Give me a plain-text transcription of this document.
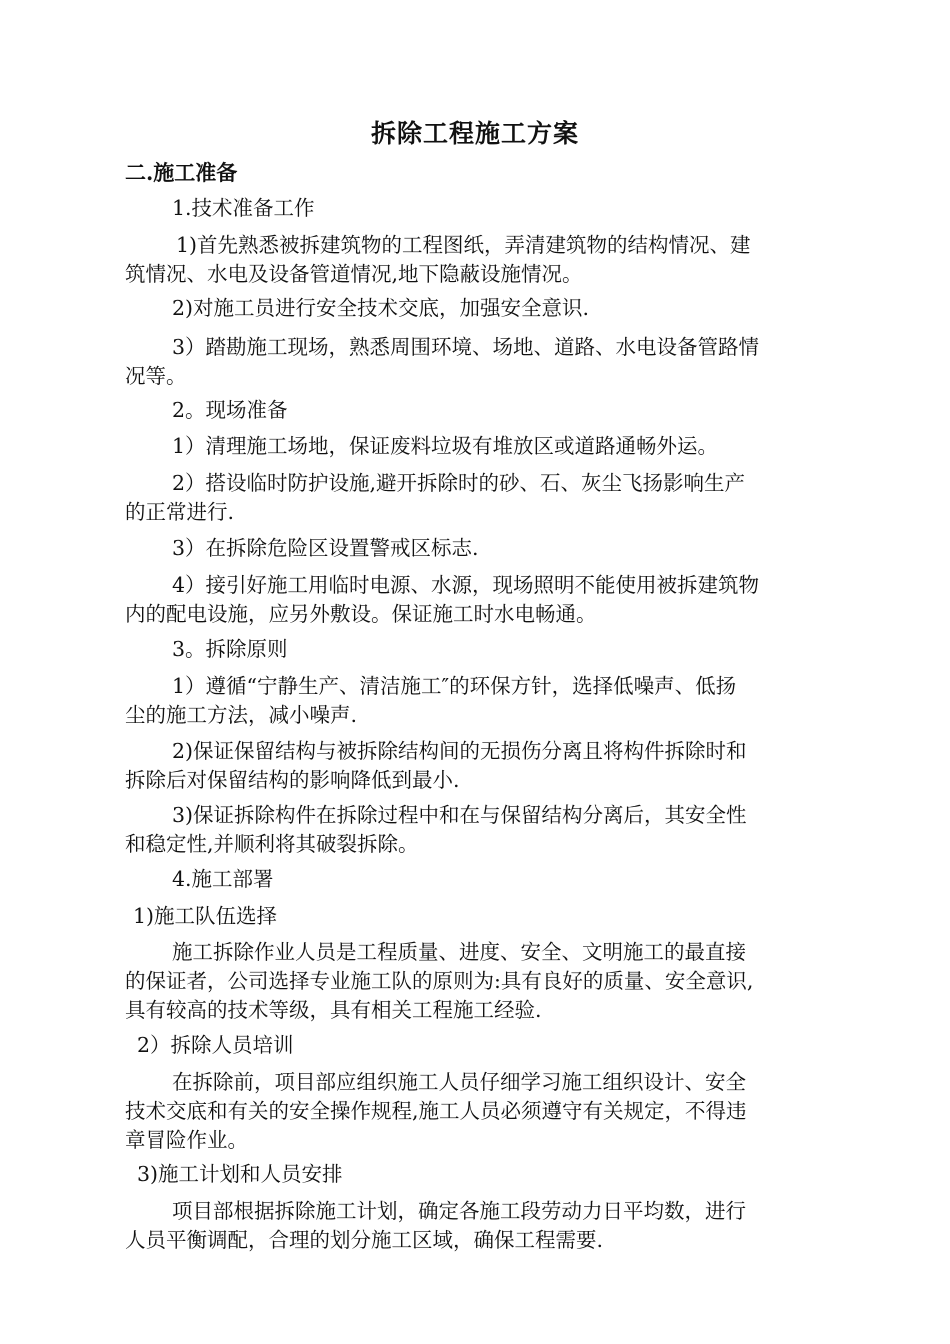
拆除工程施工方案
二.施工准备
1.技术准备工作
1)首先熟悉被拆建筑物的工程图纸，弄清建筑物的结构情况、建
筑情况、水电及设备管道情况,地下隐蔽设施情况。
2)对施工员进行安全技术交底，加强安全意识.
3）踏勘施工现场，熟悉周围环境、场地、道路、水电设备管路情
况等。
2。现场准备
1）清理施工场地，保证废料垃圾有堆放区或道路通畅外运。
2）搭设临时防护设施,避开拆除时的砂、石、灰尘飞扬影响生产
的正常进行.
3）在拆除危险区设置警戒区标志.
4）接引好施工用临时电源、水源，现场照明不能使用被拆建筑物
内的配电设施，应另外敷设。保证施工时水电畅通。
3。拆除原则
1）遵循“宁静生产、清洁施工″的环保方针，选择低噪声、低扬
尘的施工方法，减小噪声.
2)保证保留结构与被拆除结构间的无损伤分离且将构件拆除时和
拆除后对保留结构的影响降低到最小.
3)保证拆除构件在拆除过程中和在与保留结构分离后，其安全性
和稳定性,并顺利将其破裂拆除。
4.施工部署
1)施工队伍选择
施工拆除作业人员是工程质量、进度、安全、文明施工的最直接
的保证者，公司选择专业施工队的原则为:具有良好的质量、安全意识,
具有较高的技术等级，具有相关工程施工经验.
2）拆除人员培训
在拆除前，项目部应组织施工人员仔细学习施工组织设计、安全
技术交底和有关的安全操作规程,施工人员必须遵守有关规定，不得违
章冒险作业。
3)施工计划和人员安排
项目部根据拆除施工计划，确定各施工段劳动力日平均数，进行
人员平衡调配，合理的划分施工区域，确保工程需要.
